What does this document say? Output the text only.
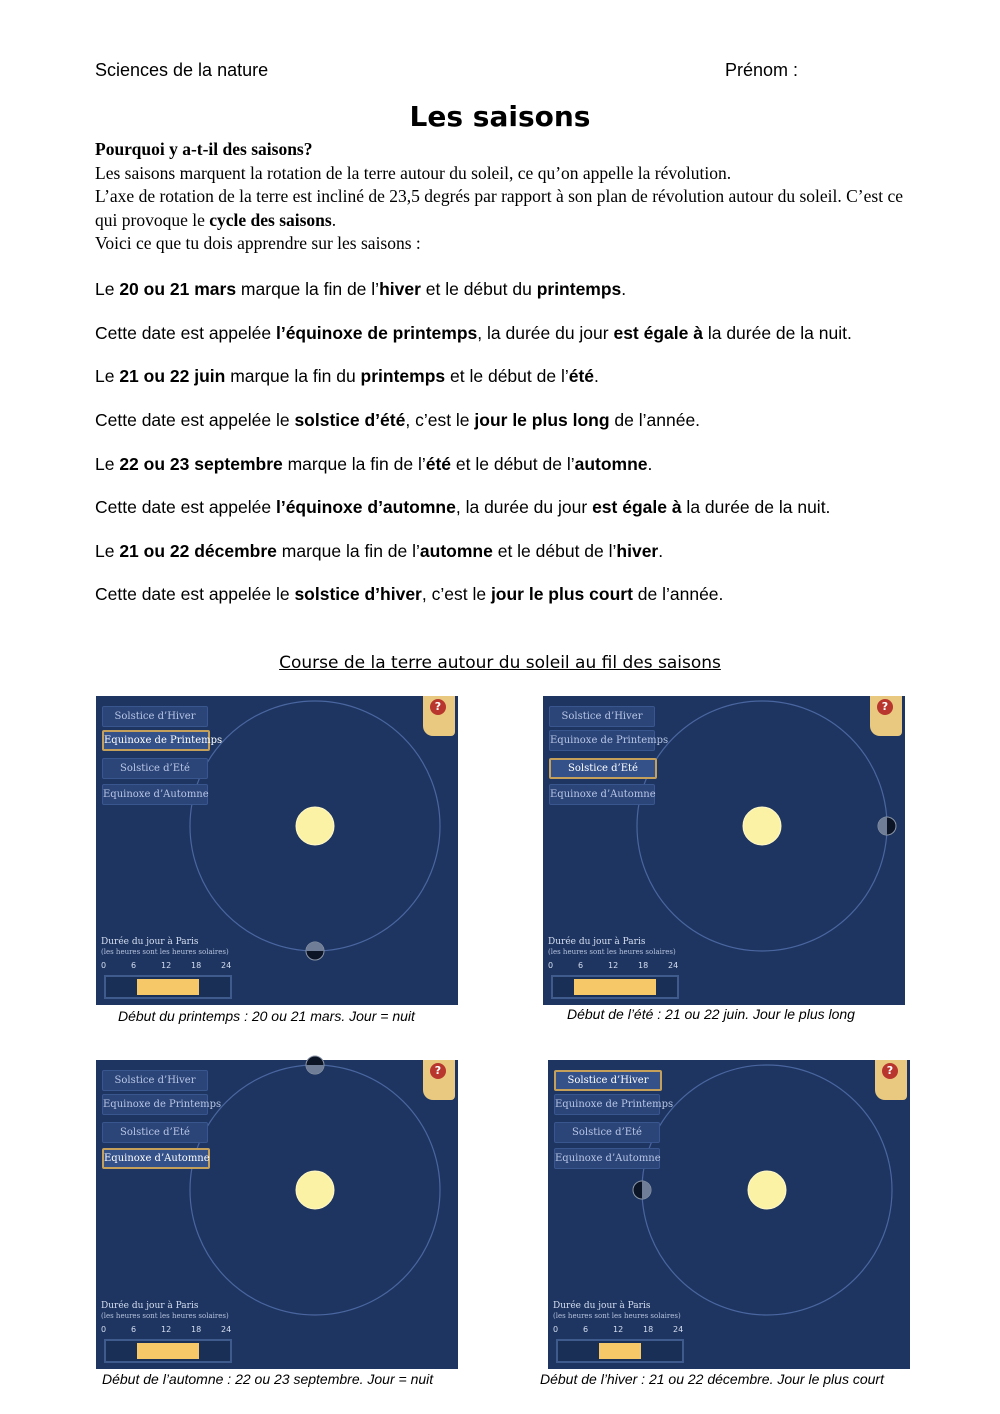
Sciences de la nature	Prénom :
Les saisons
Pourquoi y a-t-il des saisons?
Les saisons marquent la rotation de la terre autour du soleil, ce qu’on appelle la révolution.
L’axe de rotation de la terre est incliné de 23,5 degrés par rapport à son plan de révolution autour du soleil. C’est ce qui provoque le cycle des saisons.
Voici ce que tu dois apprendre sur les saisons :
Le 20 ou 21 mars marque la fin de l’hiver et le début du printemps.
Cette date est appelée l’équinoxe de printemps, la durée du jour est égale à la durée de la nuit.
Le 21 ou 22 juin marque la fin du printemps et le début de l’été.
Cette date est appelée le solstice d’été, c’est le jour le plus long de l’année.
Le 22 ou 23 septembre marque la fin de l’été et le début de l’automne.
Cette date est appelée l’équinoxe d’automne, la durée du jour est égale à la durée de la nuit.
Le 21 ou 22 décembre marque la fin de l’automne et le début de l’hiver.
Cette date est appelée le solstice d’hiver, c’est le jour le plus court de l’année.
Course de la terre autour du soleil au fil des saisons
Solstice d’Hiver
Equinoxe de Printemps
Solstice d’Eté
Equinoxe d’Automne
?
Durée du jour à Paris
(les heures sont les heures solaires)
0	6	12 18 24
Début du printemps : 20 ou 21 mars. Jour = nuit
Solstice d’Hiver
Equinoxe de Printemps
Solstice d’Eté
Equinoxe d’Automne
?
Durée du jour à Paris
(les heures sont les heures solaires)
0	6	12 18 24
Début de l’été : 21 ou 22 juin. Jour le plus long
Solstice d’Hiver
Equinoxe de Printemps
Solstice d’Eté
Equinoxe d’Automne
?
Durée du jour à Paris
(les heures sont les heures solaires)
0	6	12 18 24
Début de l’automne : 22 ou 23 septembre. Jour = nuit
Solstice d’Hiver
Equinoxe de Printemps
Solstice d’Eté
Equinoxe d’Automne
?
Durée du jour à Paris
(les heures sont les heures solaires)
0	6	12 18 24
Début de l’hiver : 21 ou 22 décembre. Jour le plus court
